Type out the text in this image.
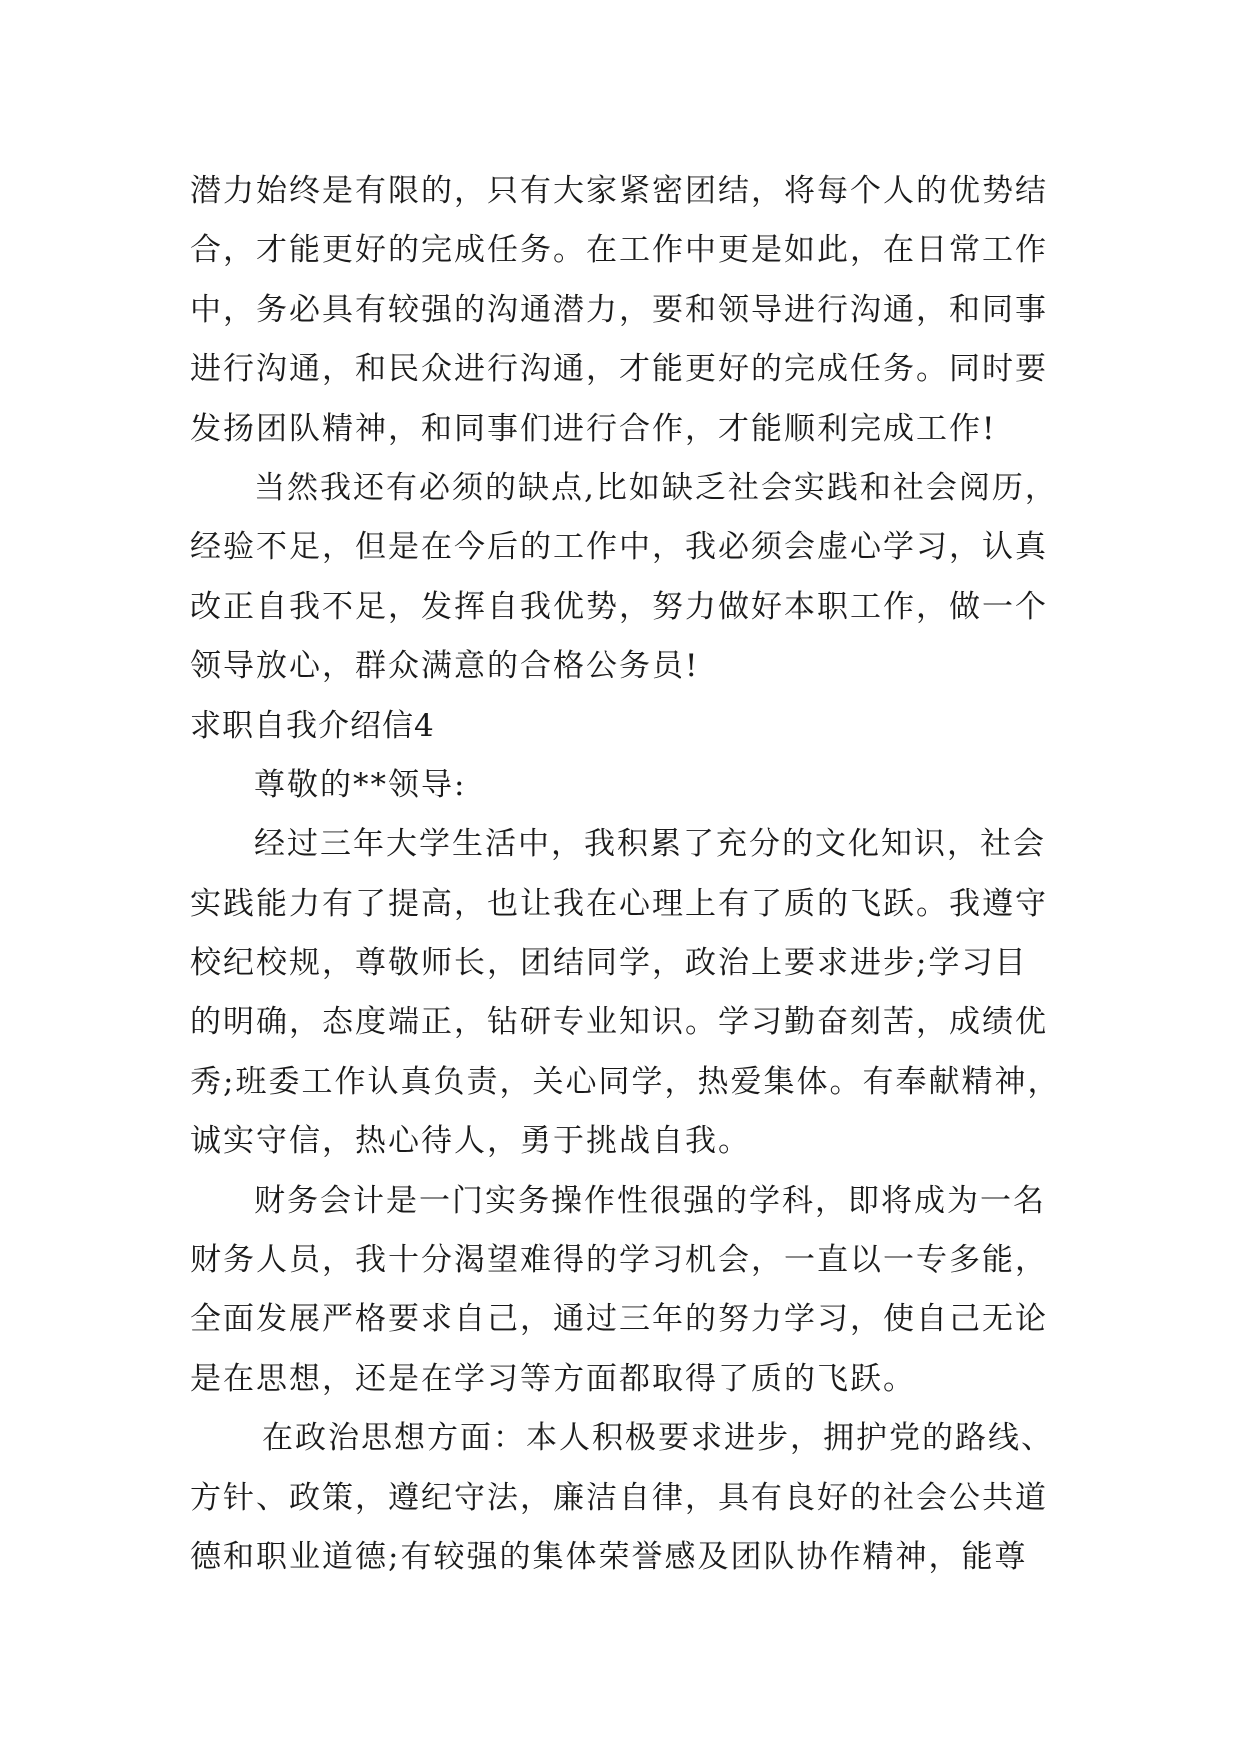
潜力始终是有限的，只有大家紧密团结，将每个人的优势结
合，才能更好的完成任务。在工作中更是如此，在日常工作
中，务必具有较强的沟通潜力，要和领导进行沟通，和同事
进行沟通，和民众进行沟通，才能更好的完成任务。同时要
发扬团队精神，和同事们进行合作，才能顺利完成工作!
当然我还有必须的缺点,比如缺乏社会实践和社会阅历，
经验不足，但是在今后的工作中，我必须会虚心学习，认真
改正自我不足，发挥自我优势，努力做好本职工作，做一个
领导放心，群众满意的合格公务员!
求职自我介绍信4
尊敬的**领导:
经过三年大学生活中，我积累了充分的文化知识，社会
实践能力有了提高，也让我在心理上有了质的飞跃。我遵守
校纪校规，尊敬师长，团结同学，政治上要求进步;学习目
的明确，态度端正，钻研专业知识。学习勤奋刻苦，成绩优
秀;班委工作认真负责，关心同学，热爱集体。有奉献精神，
诚实守信，热心待人，勇于挑战自我。
财务会计是一门实务操作性很强的学科，即将成为一名
财务人员，我十分渴望难得的学习机会，一直以一专多能，
全面发展严格要求自己，通过三年的努力学习，使自己无论
是在思想，还是在学习等方面都取得了质的飞跃。
在政治思想方面：本人积极要求进步，拥护党的路线、
方针、政策，遵纪守法，廉洁自律，具有良好的社会公共道
德和职业道德;有较强的集体荣誉感及团队协作精神，能尊
